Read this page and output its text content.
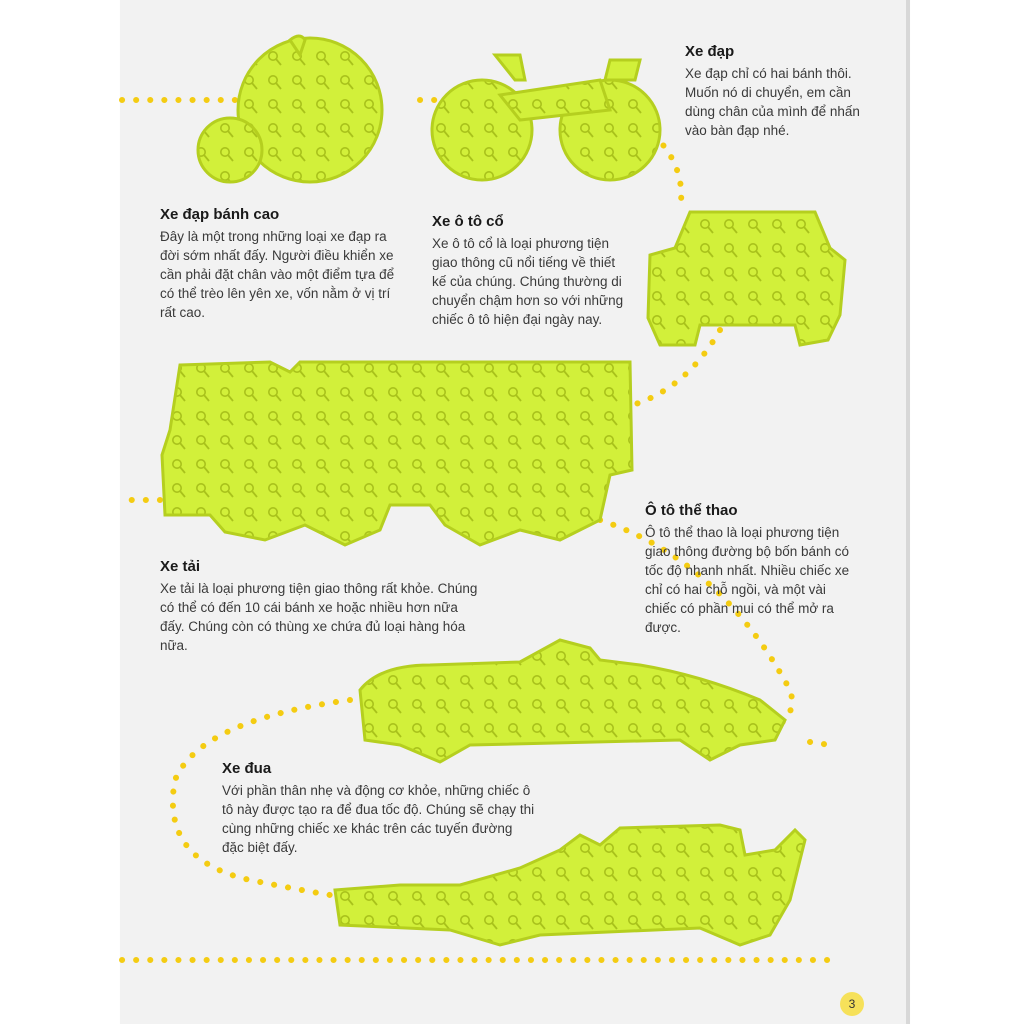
Xe đạp

Xe đạp chỉ có hai bánh thôi. Muốn nó di chuyển, em cần dùng chân của mình để nhấn vào bàn đạp nhé.

Xe đạp bánh cao

Đây là một trong những loại xe đạp ra đời sớm nhất đấy. Người điều khiển xe cần phải đặt chân vào một điểm tựa để có thể trèo lên yên xe, vốn nằm ở vị trí rất cao.

Xe ô tô cổ

Xe ô tô cổ là loại phương tiện giao thông cũ nổi tiếng về thiết kế của chúng. Chúng thường di chuyển chậm hơn so với những chiếc ô tô hiện đại ngày nay.

Ô tô thể thao

Ô tô thể thao là loại phương tiện giao thông đường bộ bốn bánh có tốc độ nhanh nhất. Nhiều chiếc xe chỉ có hai chỗ ngồi, và một vài chiếc có phần mui có thể mở ra được.

Xe tải

Xe tải là loại phương tiện giao thông rất khỏe. Chúng có thể có đến 10 cái bánh xe hoặc nhiều hơn nữa đấy. Chúng còn có thùng xe chứa đủ loại hàng hóa nữa.

Xe đua

Với phần thân nhẹ và động cơ khỏe, những chiếc ô tô này được tạo ra để đua tốc độ. Chúng sẽ chạy thi cùng những chiếc xe khác trên các tuyến đường đặc biệt đấy.

3
